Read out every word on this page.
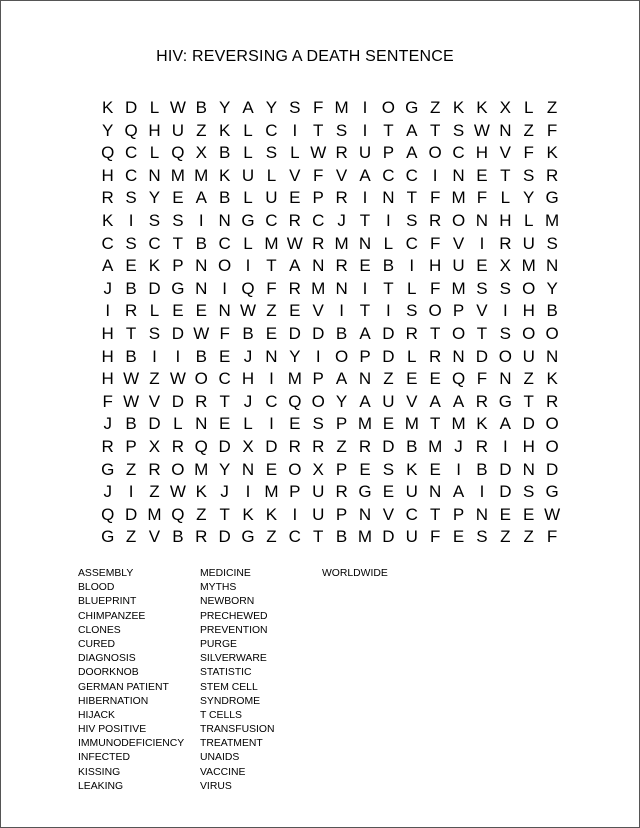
HIV: REVERSING A DEATH SENTENCE
K D L W B Y A Y S F M I O G Z K K X L Z
Y Q H U Z K L C I T S I T A T S W N Z F
Q C L Q X B L S L W R U P A O C H V F K
H C N M M K U L V F V A C C I N E T S R
R S Y E A B L U E P R I N T F M F L Y G
K I S S I N G C R C J T I S R O N H L M
C S C T B C L M W R M N L C F V I R U S
A E K P N O I T A N R E B I H U E X M N
J B D G N I Q F R M N I T L F M S S O Y
I R L E E N W Z E V I T I S O P V I H B
H T S D W F B E D D B A D R T O T S O O
H B I	I B E J N Y I O P D L R N D O U N
H W Z W O C H I M P A N Z E E Q F N Z K
F W V D R T J C Q O Y A U V A A R G T R
J B D L N E L I E S P M E M T M K A D O
R P X R Q D X D R R Z R D B M J R I H O
G Z R O M Y N E O X P E S K E I B D N D
J I Z W K J I M P U R G E U N A I D S G
Q D M Q Z T K K I U P N V C T P N E E W
G Z V B R D G Z C T B M D U F E S Z Z F
ASSEMBLY
BLOOD
BLUEPRINT
CHIMPANZEE
CLONES
CURED
DIAGNOSIS
DOORKNOB
GERMAN PATIENT
HIBERNATION
HIJACK
HIV POSITIVE
IMMUNODEFICIENCY
INFECTED
KISSING
LEAKING
MEDICINE
MYTHS
NEWBORN
PRECHEWED
PREVENTION
PURGE
SILVERWARE
STATISTIC
STEM CELL
SYNDROME
T CELLS
TRANSFUSION
TREATMENT
UNAIDS
VACCINE
VIRUS
WORLDWIDE
